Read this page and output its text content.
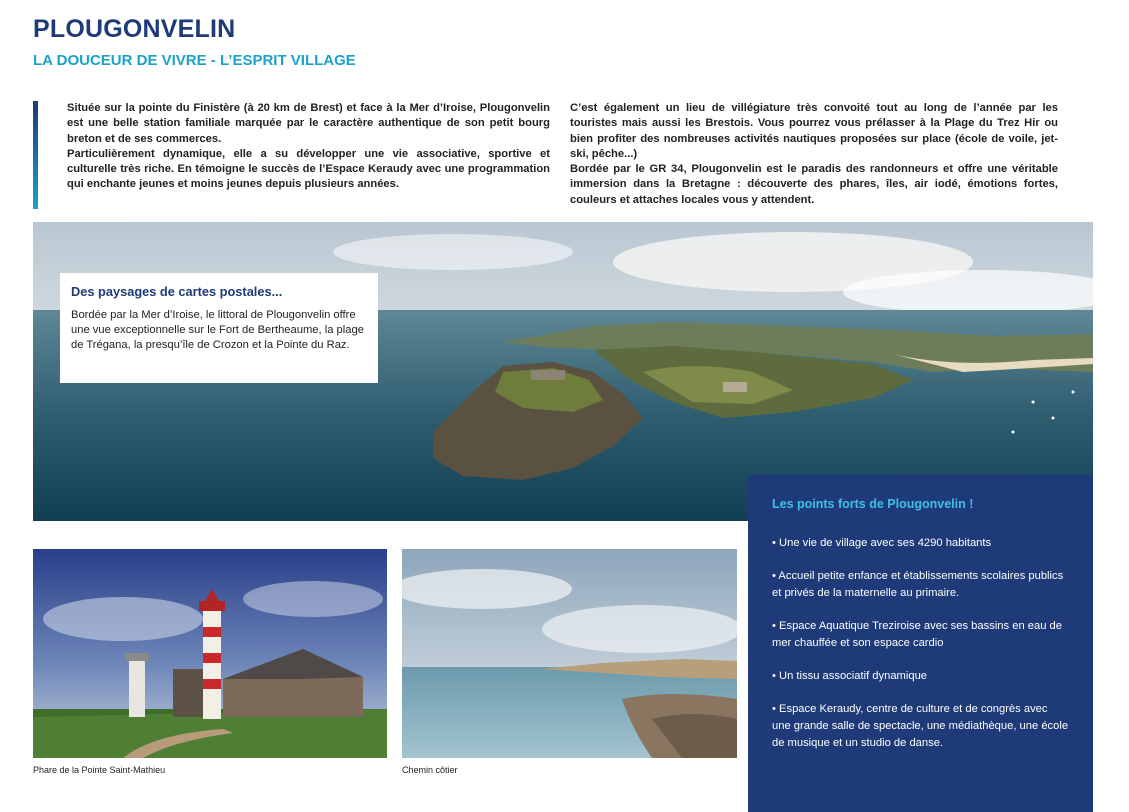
PLOUGONVELIN
LA DOUCEUR DE VIVRE - L’ESPRIT VILLAGE

Située sur la pointe du Finistère (à 20 km de Brest) et face à la Mer d’Iroise, Plougonvelin est une belle station familiale marquée par le caractère authentique de son petit bourg breton et de ses commerces.

Particulièrement dynamique, elle a su développer une vie associative, sportive et culturelle très riche. En témoigne le succès de l’Espace Keraudy avec une programmation qui enchante jeunes et moins jeunes depuis plusieurs années.

C’est également un lieu de villégiature très convoité tout au long de l’année par les touristes mais aussi les Brestois. Vous pourrez vous prélasser à la Plage du Trez Hir ou bien profiter des nombreuses activités nautiques proposées sur place (école de voile, jet-ski, pêche...)

Bordée par le GR 34, Plougonvelin est le paradis des randonneurs et offre une véritable immersion dans la Bretagne : découverte des phares, îles, air iodé, émotions fortes, couleurs et attaches locales vous y attendent.

Des paysages de cartes postales...

Bordée par la Mer d’Iroise, le littoral de Plougonvelin offre une vue exceptionnelle sur le Fort de Bertheaume, la plage de Trégana, la presqu’île de Crozon et la Pointe du Raz.

Phare de la Pointe Saint-Mathieu	Chemin côtier
Les points forts de Plougonvelin !
• Une vie de village avec ses 4290 habitants
• Accueil petite enfance et établissements scolaires publics et privés de la maternelle au primaire.
• Espace Aquatique Treziroise avec ses bassins en eau de mer chauffée et son espace cardio
• Un tissu associatif dynamique
• Espace Keraudy, centre de culture et de congrès avec une grande salle de spectacle, une médiathèque, une école de musique et un studio de danse.
